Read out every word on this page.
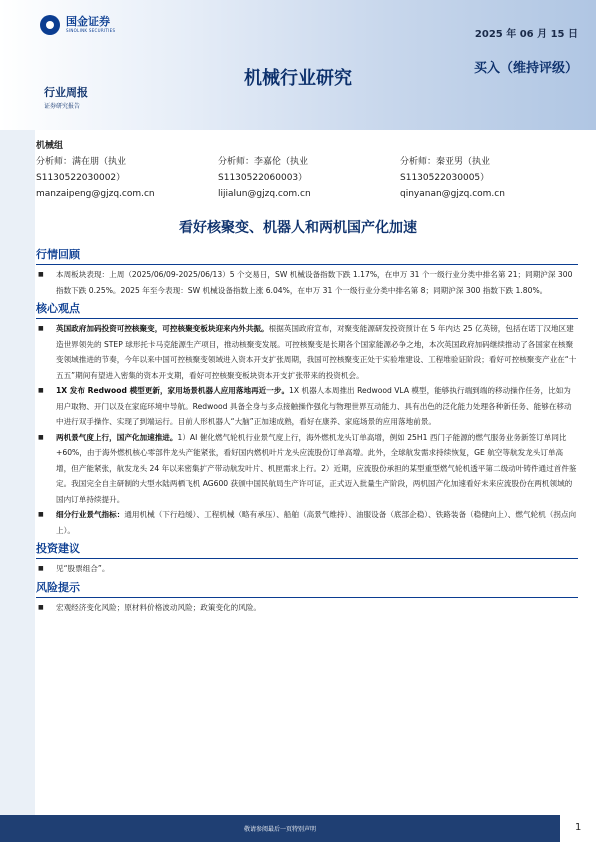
国金证券
SINOLINK SECURITIES	2025 年 06 月 15 日
买入（维持评级）
机械行业研究
行业周报
证券研究报告
机械组
分析师：满在朋（执业
S1130522030002）
manzaipeng@gjzq.com.cn
分析师：李嘉伦（执业
S1130522060003）
lijialun@gjzq.com.cn
分析师：秦亚男（执业
S1130522030005）
qinyanan@gjzq.com.cn
看好核聚变、机器人和两机国产化加速
行情回顾
■ 本周板块表现：上周（2025/06/09-2025/06/13）5 个交易日，SW 机械设备指数下跌 1.17%，在申万 31 个一级行业分类中排名第 21；同期沪深 300 指数下跌 0.25%。2025 年至今表现：SW 机械设备指数上涨 6.04%，在申万 31 个一级行业分类中排名第 8；同期沪深 300 指数下跌 1.80%。
核心观点
■ 英国政府加码投资可控核聚变，可控核聚变板块迎来内外共振。根据英国政府宣布，对聚变能源研发投资预计在 5 年内达 25 亿英镑，包括在诺丁汉地区建造世界领先的 STEP 球形托卡马克能源生产项目，推动核聚变发展。可控核聚变是长期各个国家能源必争之地，本次英国政府加码继续推动了各国家在核聚变领域推进的节奏，今年以来中国可控核聚变领域进入资本开支扩张周期，我国可控核聚变正处于实验堆建设、工程堆验证阶段；看好可控核聚变产业在“十五五”期间有望进入密集的资本开支期，看好可控核聚变板块资本开支扩张带来的投资机会。
■ 1X 发布 Redwood 模型更新，家用场景机器人应用落地再近一步。1X 机器人本周推出 Redwood VLA 模型，能够执行端到端的移动操作任务，比如为用户取物、开门以及在家庭环境中导航。Redwood 具备全身与多点接触操作强化与物理世界互动能力、具有出色的泛化能力处理各种新任务、能够在移动中进行双手操作、实现了到端运行。目前人形机器人“大脑”正加速成熟，看好在康养、家庭场景的应用落地前景。
■ 两机景气度上行，国产化加速推进。1）AI 催化燃气轮机行业景气度上行，海外燃机龙头订单高增，例如 25H1 西门子能源的燃气服务业务新签订单同比+60%，由于海外燃机核心零部件龙头产能紧张，看好国内燃机叶片龙头应流股份订单高增。此外，全球航发需求持续恢复，GE 航空等航发龙头订单高增，但产能紧张，航发龙头 24 年以来密集扩产带动航发叶片、机匣需求上行。2）近期，应流股份承担的某型重型燃气轮机透平第二级动叶铸件通过首件鉴定。我国完全自主研制的大型水陆两栖飞机 AG600 获颁中国民航局生产许可证，正式迈入批量生产阶段，两机国产化加速看好未来应流股份在两机领域的国内订单持续提升。
■ 细分行业景气指标：通用机械（下行趋缓）、工程机械（略有承压）、船舶（高景气维持）、油服设备（底部企稳）、铁路装备（稳健向上）、燃气轮机（拐点向上）。
投资建议
■ 见“股票组合”。
风险提示
■ 宏观经济变化风险；原材料价格波动风险；政策变化的风险。
敬请参阅最后一页特别声明	1
